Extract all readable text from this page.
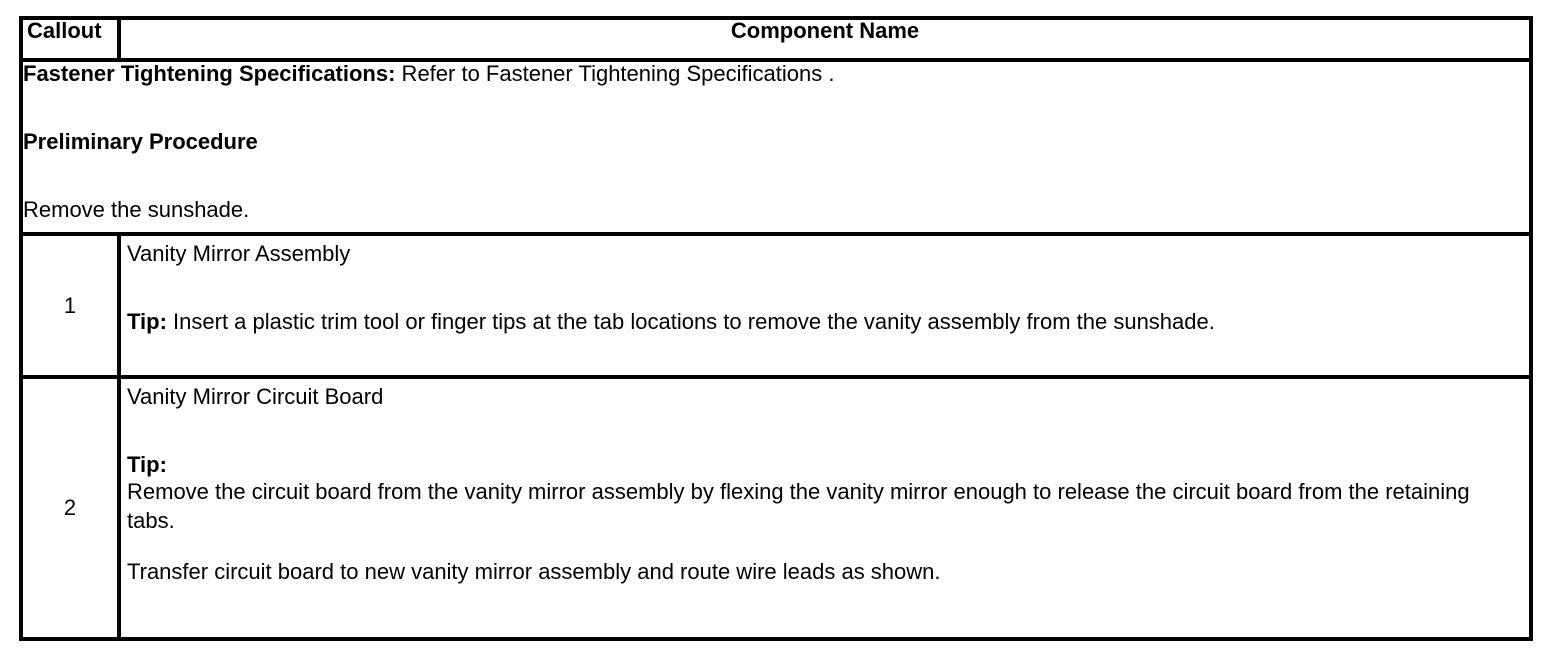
Callout	Component Name

Fastener Tightening Specifications: Refer to Fastener Tightening Specifications .

Preliminary Procedure

Remove the sunshade.	

1	Vanity Mirror Assembly

Tip: Insert a plastic trim tool or finger tips at the tab locations to remove the vanity assembly from the sunshade.

2	Vanity Mirror Circuit Board

Tip:

Remove the circuit board from the vanity mirror assembly by flexing the vanity mirror enough to release the circuit board from the retaining tabs.

Transfer circuit board to new vanity mirror assembly and route wire leads as shown.
